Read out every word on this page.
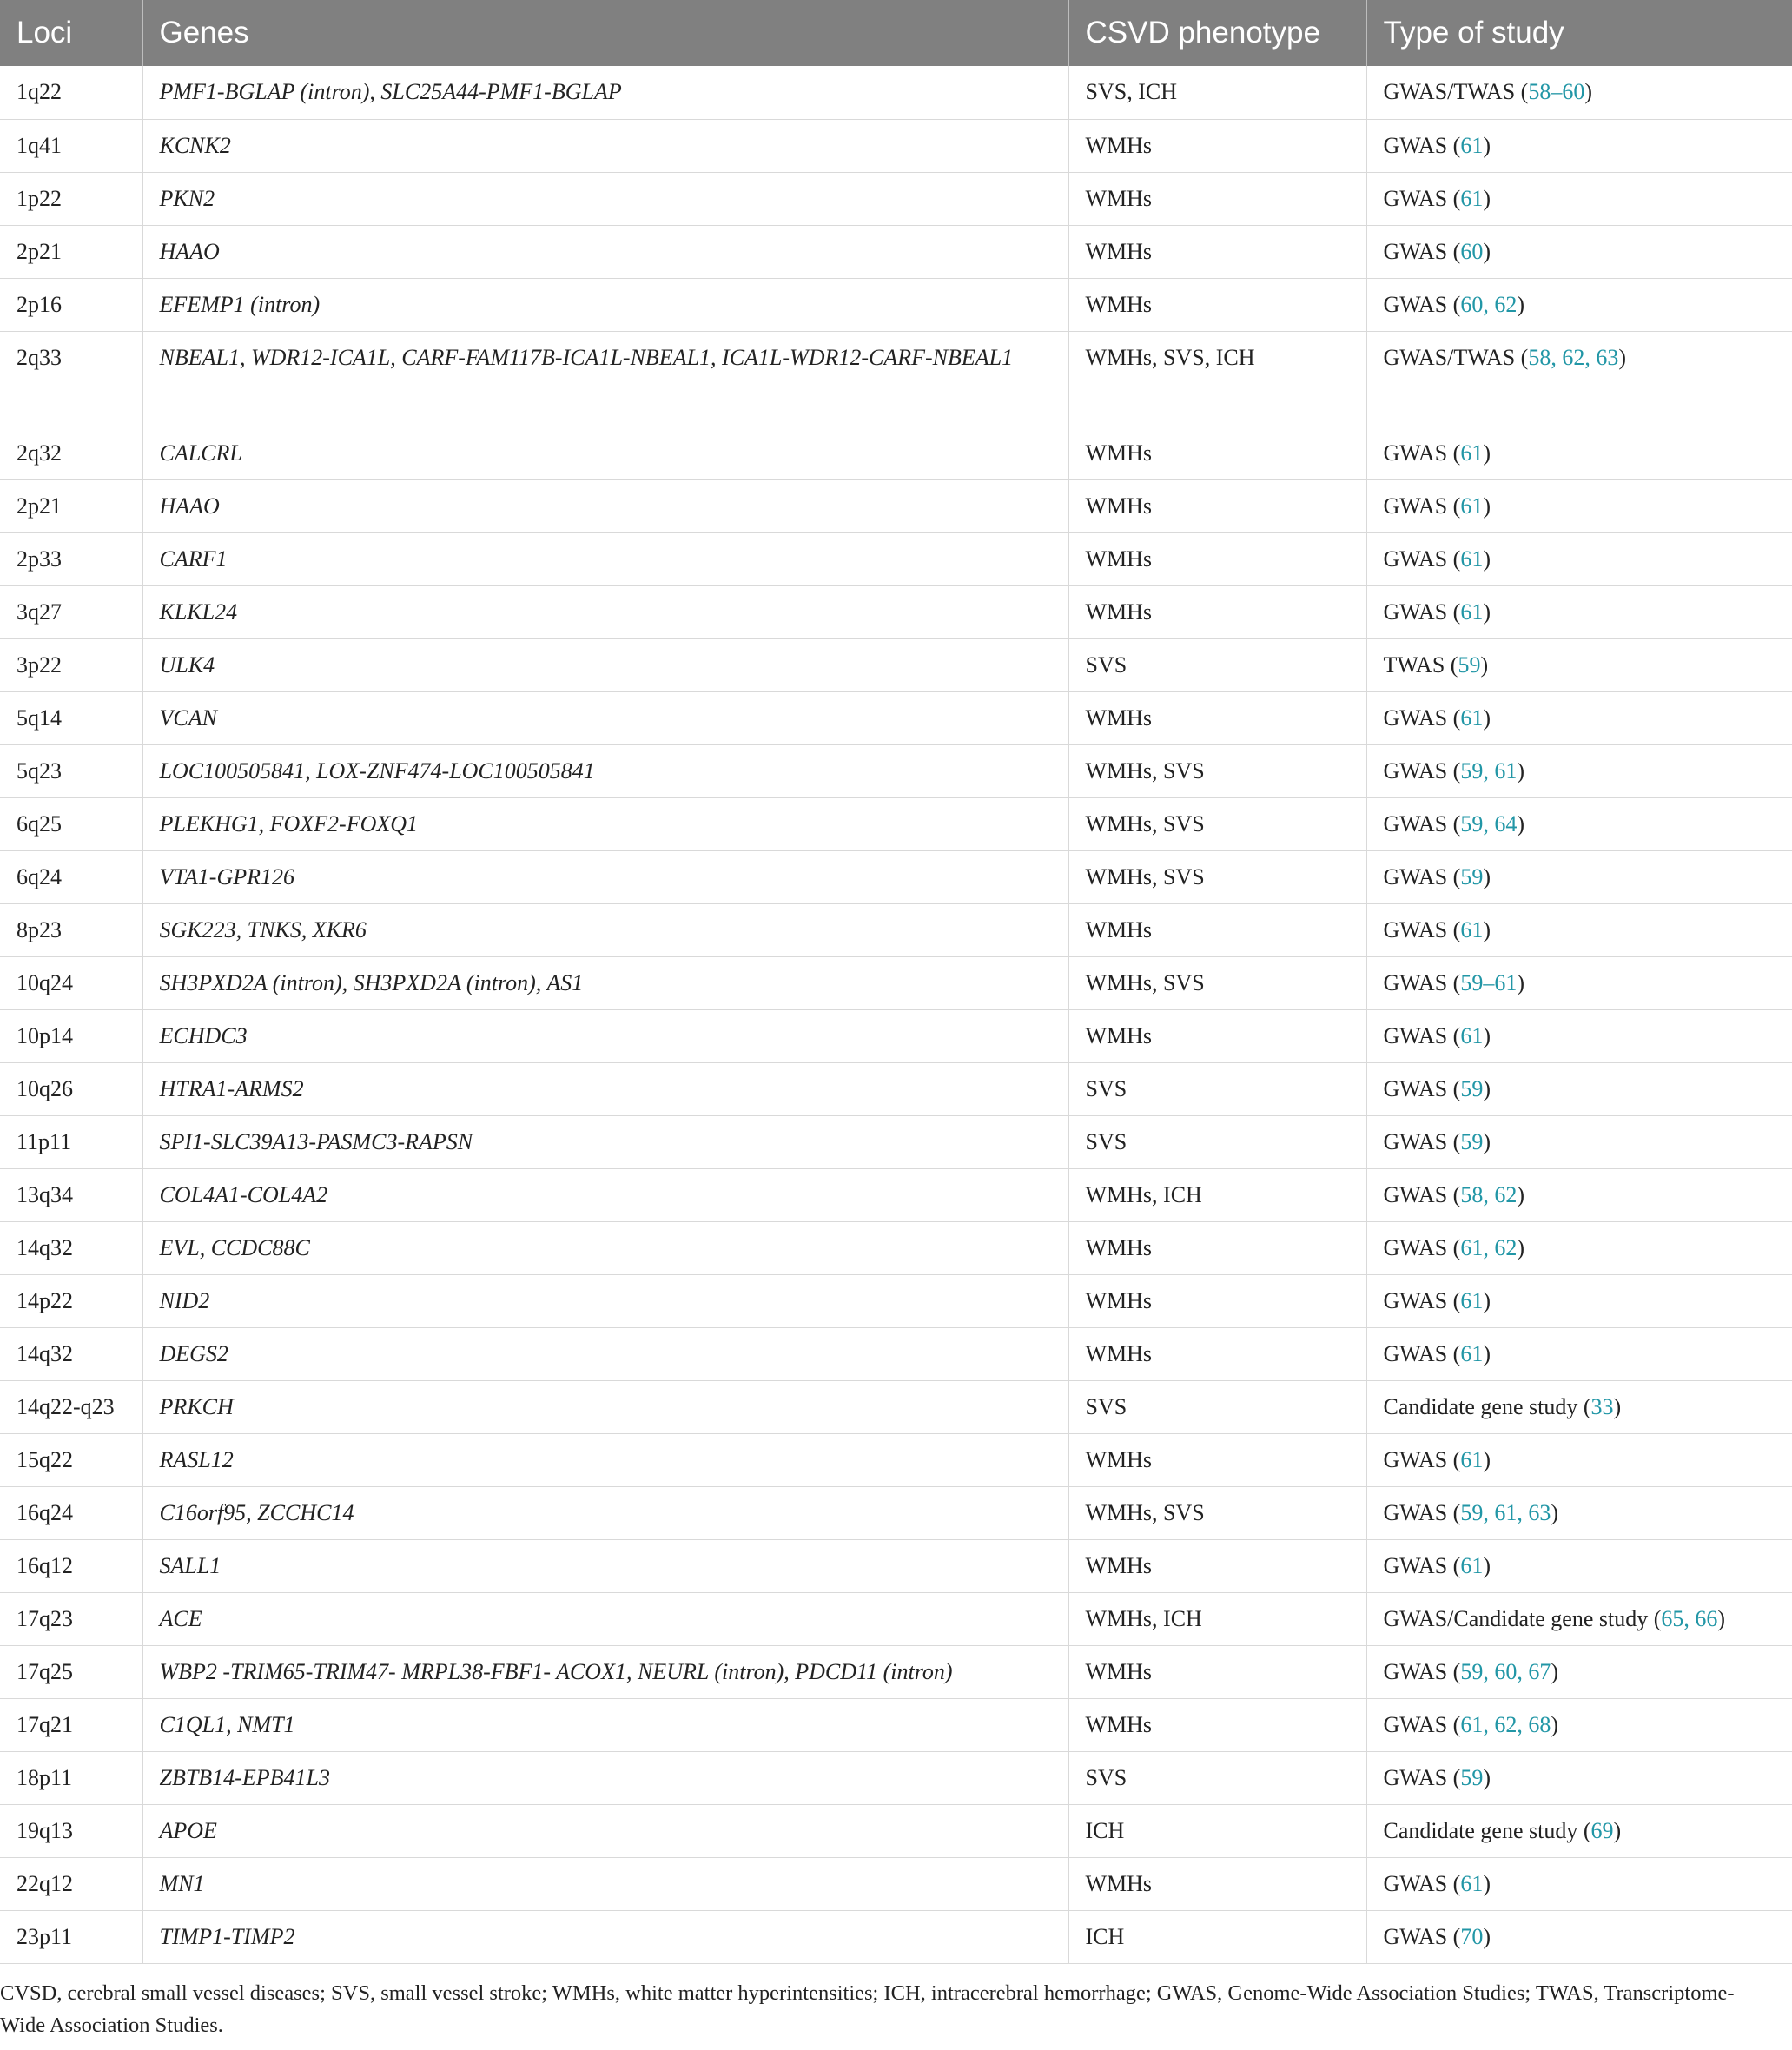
Loci	Genes	CSVD phenotype	Type of study
1q22	PMF1-BGLAP (intron), SLC25A44-PMF1-BGLAP	SVS, ICH	GWAS/TWAS (58–60)
1q41	KCNK2	WMHs	GWAS (61)
1p22	PKN2	WMHs	GWAS (61)
2p21	HAAO	WMHs	GWAS (60)
2p16	EFEMP1 (intron)	WMHs	GWAS (60, 62)
2q33	NBEAL1, WDR12-ICA1L, CARF-FAM117B-ICA1L-NBEAL1, ICA1L-WDR12-CARF-NBEAL1	WMHs, SVS, ICH	GWAS/TWAS (58, 62, 63)
2q32	CALCRL	WMHs	GWAS (61)
2p21	HAAO	WMHs	GWAS (61)
2p33	CARF1	WMHs	GWAS (61)
3q27	KLKL24	WMHs	GWAS (61)
3p22	ULK4	SVS	TWAS (59)
5q14	VCAN	WMHs	GWAS (61)
5q23	LOC100505841, LOX-ZNF474-LOC100505841	WMHs, SVS	GWAS (59, 61)
6q25	PLEKHG1, FOXF2-FOXQ1	WMHs, SVS	GWAS (59, 64)
6q24	VTA1-GPR126	WMHs, SVS	GWAS (59)
8p23	SGK223, TNKS, XKR6	WMHs	GWAS (61)
10q24	SH3PXD2A (intron), SH3PXD2A (intron), AS1	WMHs, SVS	GWAS (59–61)
10p14	ECHDC3	WMHs	GWAS (61)
10q26	HTRA1-ARMS2	SVS	GWAS (59)
11p11	SPI1-SLC39A13-PASMC3-RAPSN	SVS	GWAS (59)
13q34	COL4A1-COL4A2	WMHs, ICH	GWAS (58, 62)
14q32	EVL, CCDC88C	WMHs	GWAS (61, 62)
14p22	NID2	WMHs	GWAS (61)
14q32	DEGS2	WMHs	GWAS (61)
14q22-q23	PRKCH	SVS	Candidate gene study (33)
15q22	RASL12	WMHs	GWAS (61)
16q24	C16orf95, ZCCHC14	WMHs, SVS	GWAS (59, 61, 63)
16q12	SALL1	WMHs	GWAS (61)
17q23	ACE	WMHs, ICH	GWAS/Candidate gene study (65, 66)
17q25	WBP2 -TRIM65-TRIM47- MRPL38-FBF1- ACOX1, NEURL (intron), PDCD11 (intron)	WMHs	GWAS (59, 60, 67)
17q21	C1QL1, NMT1	WMHs	GWAS (61, 62, 68)
18p11	ZBTB14-EPB41L3	SVS	GWAS (59)
19q13	APOE	ICH	Candidate gene study (69)
22q12	MN1	WMHs	GWAS (61)
23p11	TIMP1-TIMP2	ICH	GWAS (70)
CVSD, cerebral small vessel diseases; SVS, small vessel stroke; WMHs, white matter hyperintensities; ICH, intracerebral hemorrhage; GWAS, Genome-Wide Association Studies; TWAS, Transcriptome-Wide Association Studies.
